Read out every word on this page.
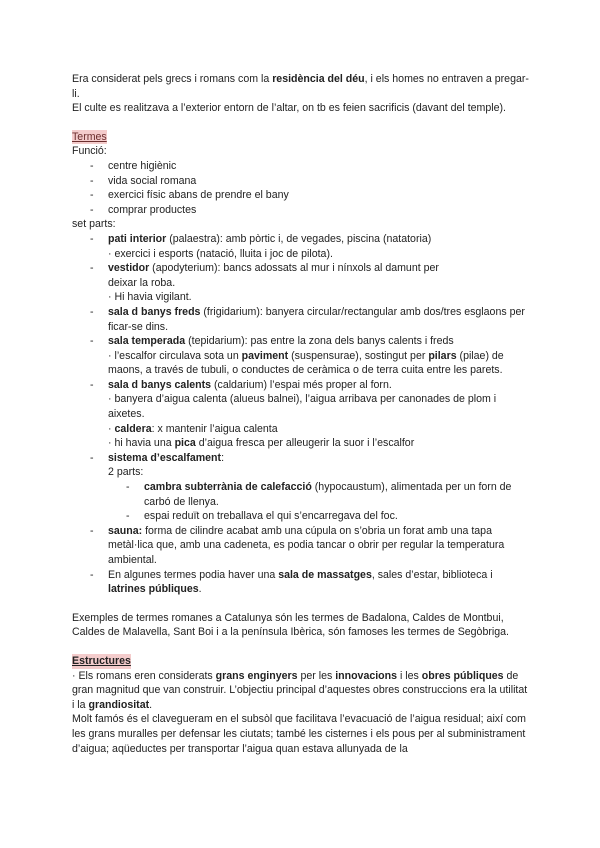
Era considerat pels grecs i romans com la residència del déu, i els homes no entraven a pregar-li.

El culte es realitzava a l’exterior entorn de l’altar, on tb es feien sacrificis (davant del temple).

Termes

Funció:

- centre higiènic
- vida social romana
- exercici físic abans de prendre el bany
- comprar productes

set parts:

- pati interior (palaestra): amb pòrtic i, de vegades, piscina (natatoria)
· exercici i esports (natació, lluita i joc de pilota).
- vestidor (apodyterium): bancs adossats al mur i nínxols al damunt per
deixar la roba.
· Hi havia vigilant.
- sala d banys freds (frigidarium): banyera circular/rectangular amb dos/tres esglaons per ficar-se dins.
- sala temperada (tepidarium): pas entre la zona dels banys calents i freds
· l’escalfor circulava sota un paviment (suspensurae), sostingut per pilars (pilae) de maons, a través de tubuli, o conductes de ceràmica o de terra cuita entre les parets.
- sala d banys calents (caldarium) l’espai més proper al forn.
· banyera d’aigua calenta (alueus balnei), l’aigua arribava per canonades de plom i aixetes.
· caldera: x mantenir l’aigua calenta
· hi havia una pica d’aigua fresca per alleugerir la suor i l’escalfor
- sistema d’escalfament:
2 parts:
- cambra subterrània de calefacció (hypocaustum), alimentada per un forn de carbó de llenya.
- espai reduït on treballava el qui s’encarregava del foc.
- sauna: forma de cilindre acabat amb una cúpula on s’obria un forat amb una tapa metàl·lica que, amb una cadeneta, es podia tancar o obrir per regular la temperatura ambiental.
- En algunes termes podia haver una sala de massatges, sales d’estar, biblioteca i latrines públiques.

Exemples de termes romanes a Catalunya són les termes de Badalona, Caldes de Montbui, Caldes de Malavella, Sant Boi i a la península Ibèrica, són famoses les termes de Segòbriga.

Estructures

· Els romans eren considerats grans enginyers per les innovacions i les obres públiques de gran magnitud que van construir. L’objectiu principal d’aquestes obres construccions era la utilitat i la grandiositat.

Molt famós és el clavegueram en el subsòl que facilitava l’evacuació de l’aigua residual; així com les grans muralles per defensar les ciutats; també les cisternes i els pous per al subministrament d’aigua; aqüeductes per transportar l’aigua quan estava allunyada de la
